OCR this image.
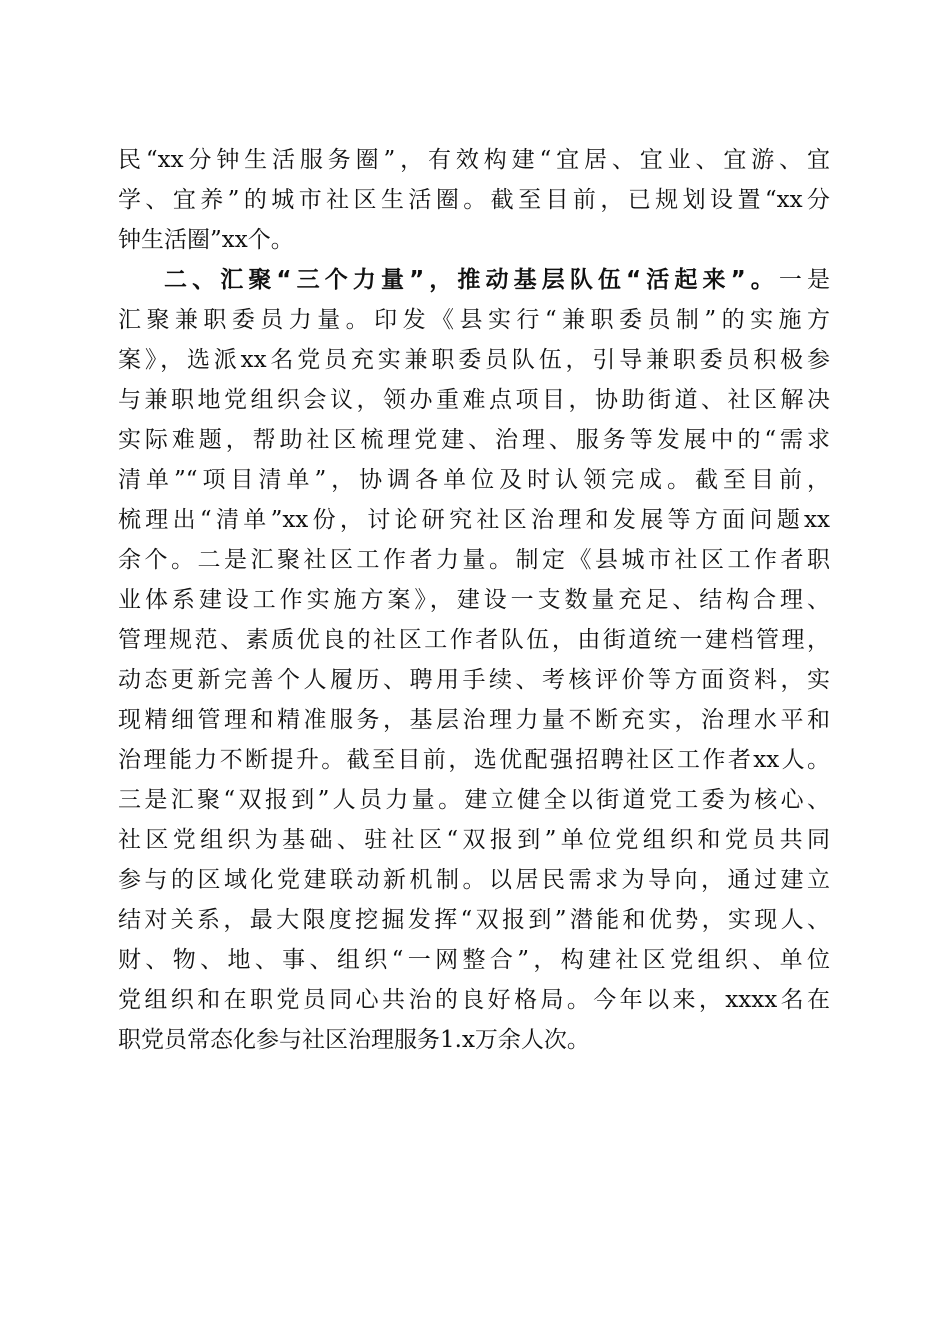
民“xx分钟生活服务圈”，有效构建“宜居、宜业、宜游、宜
学、宜养”的城市社区生活圈。截至目前，已规划设置“xx分
钟生活圈”xx个。
二、汇聚“三个力量”，推动基层队伍“活起来”。一是
汇聚兼职委员力量。印发《县实行“兼职委员制”的实施方
案》，选派xx名党员充实兼职委员队伍，引导兼职委员积极参
与兼职地党组织会议，领办重难点项目，协助街道、社区解决
实际难题，帮助社区梳理党建、治理、服务等发展中的“需求
清单”“项目清单”，协调各单位及时认领完成。截至目前，
梳理出“清单”xx份，讨论研究社区治理和发展等方面问题xx
余个。二是汇聚社区工作者力量。制定《县城市社区工作者职
业体系建设工作实施方案》，建设一支数量充足、结构合理、
管理规范、素质优良的社区工作者队伍，由街道统一建档管理，
动态更新完善个人履历、聘用手续、考核评价等方面资料，实
现精细管理和精准服务，基层治理力量不断充实，治理水平和
治理能力不断提升。截至目前，选优配强招聘社区工作者xx人。
三是汇聚“双报到”人员力量。建立健全以街道党工委为核心、
社区党组织为基础、驻社区“双报到”单位党组织和党员共同
参与的区域化党建联动新机制。以居民需求为导向，通过建立
结对关系，最大限度挖掘发挥“双报到”潜能和优势，实现人、
财、物、地、事、组织“一网整合”，构建社区党组织、单位
党组织和在职党员同心共治的良好格局。今年以来，xxxx名在
职党员常态化参与社区治理服务1.x万余人次。
